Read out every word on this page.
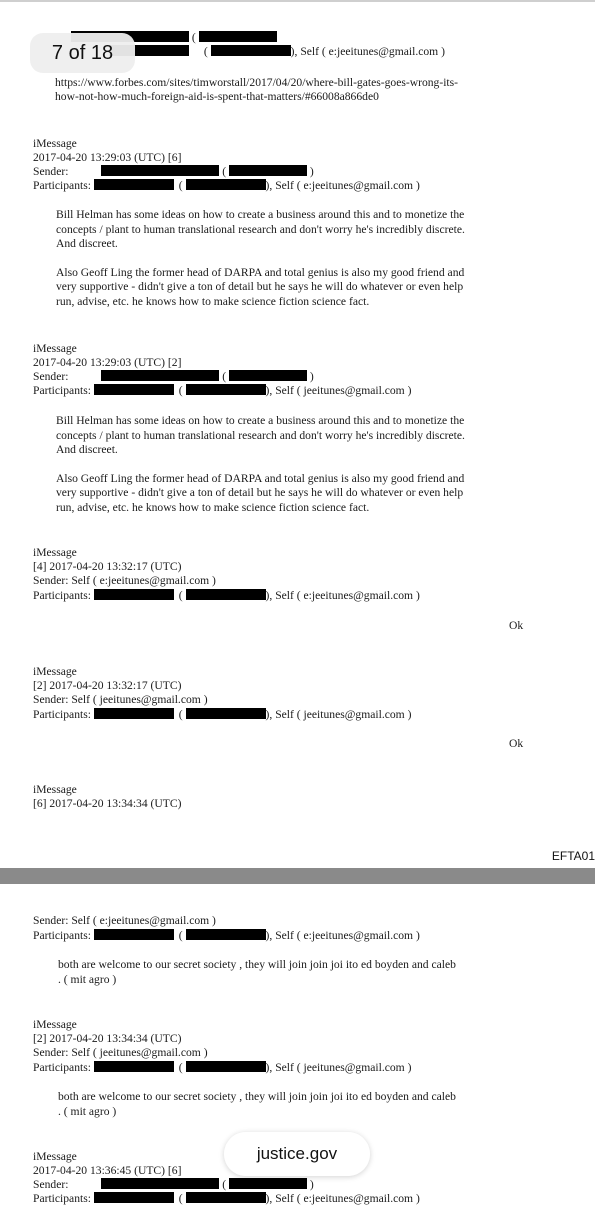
(
(	), Self ( e:jeeitunes@gmail.com )
https://www.forbes.com/sites/timworstall/2017/04/20/where-bill-gates-goes-wrong-its-
how-not-how-much-foreign-aid-is-spent-that-matters/#66008a866de0
iMessage
2017-04-20 13:29:03 (UTC) [6]
Sender:	(	)
Participants:	(	), Self ( e:jeeitunes@gmail.com )
Bill Helman has some ideas on how to create a business around this and to monetize the
concepts / plant to human translational research and don't worry he's incredibly discrete.
And discreet.
Also Geoff Ling the former head of DARPA and total genius is also my good friend and
very supportive - didn't give a ton of detail but he says he will do whatever or even help
run, advise, etc. he knows how to make science fiction science fact.
iMessage
2017-04-20 13:29:03 (UTC) [2]
Sender:	(	)
Participants:	(	), Self ( jeeitunes@gmail.com )
Bill Helman has some ideas on how to create a business around this and to monetize the
concepts / plant to human translational research and don't worry he's incredibly discrete.
And discreet.
Also Geoff Ling the former head of DARPA and total genius is also my good friend and
very supportive - didn't give a ton of detail but he says he will do whatever or even help
run, advise, etc. he knows how to make science fiction science fact.
iMessage
[4] 2017-04-20 13:32:17 (UTC)
Sender: Self ( e:jeeitunes@gmail.com )
Participants:	(	), Self ( e:jeeitunes@gmail.com )
Ok
iMessage
[2] 2017-04-20 13:32:17 (UTC)
Sender: Self ( jeeitunes@gmail.com )
Participants:	(	), Self ( jeeitunes@gmail.com )
Ok
iMessage
[6] 2017-04-20 13:34:34 (UTC)
EFTA01
Sender: Self ( e:jeeitunes@gmail.com )
Participants:	(	), Self ( e:jeeitunes@gmail.com )
both are welcome to our secret society , they will join join joi ito ed boyden and caleb
. ( mit agro )
iMessage
[2] 2017-04-20 13:34:34 (UTC)
Sender: Self ( jeeitunes@gmail.com )
Participants:	(	), Self ( jeeitunes@gmail.com )
both are welcome to our secret society , they will join join joi ito ed boyden and caleb
. ( mit agro )
iMessage
2017-04-20 13:36:45 (UTC) [6]
Sender:	(	)
Participants:	(	), Self ( e:jeeitunes@gmail.com )
7 of 18
justice.gov
